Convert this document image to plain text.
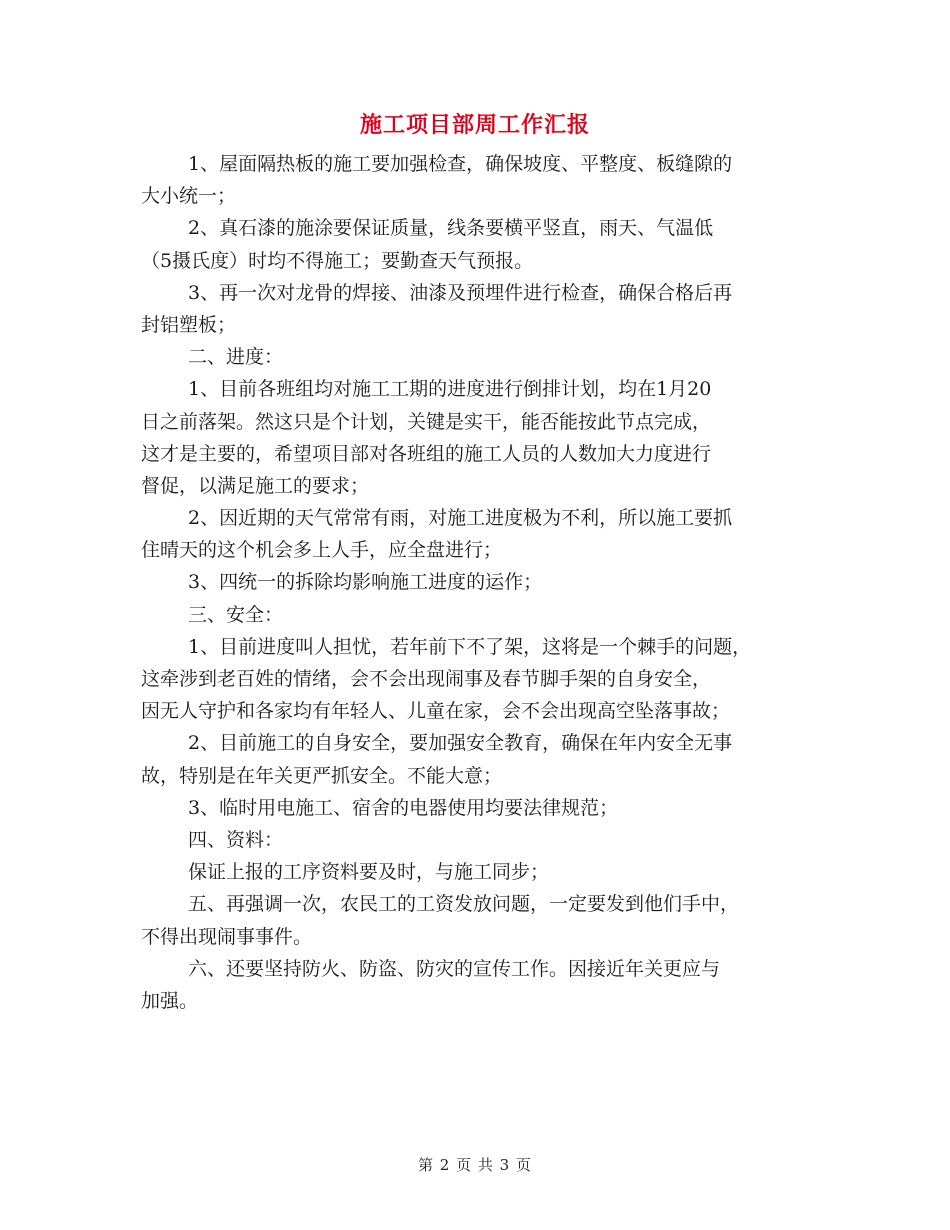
施工项目部周工作汇报
1、屋面隔热板的施工要加强检查，确保坡度、平整度、板缝隙的
大小统一；
2、真石漆的施涂要保证质量，线条要横平竖直，雨天、气温低
（5摄氏度）时均不得施工；要勤查天气预报。
3、再一次对龙骨的焊接、油漆及预埋件进行检查，确保合格后再
封铝塑板；
二、进度：
1、目前各班组均对施工工期的进度进行倒排计划，均在1月20
日之前落架。然这只是个计划，关键是实干，能否能按此节点完成，
这才是主要的，希望项目部对各班组的施工人员的人数加大力度进行
督促，以满足施工的要求；
2、因近期的天气常常有雨，对施工进度极为不利，所以施工要抓
住晴天的这个机会多上人手，应全盘进行；
3、四统一的拆除均影响施工进度的运作；
三、安全：
1、目前进度叫人担忧，若年前下不了架，这将是一个棘手的问题，
这牵涉到老百姓的情绪，会不会出现闹事及春节脚手架的自身安全，
因无人守护和各家均有年轻人、儿童在家，会不会出现高空坠落事故；
2、目前施工的自身安全，要加强安全教育，确保在年内安全无事
故，特别是在年关更严抓安全。不能大意；
3、临时用电施工、宿舍的电器使用均要法律规范；
四、资料：
保证上报的工序资料要及时，与施工同步；
五、再强调一次，农民工的工资发放问题，一定要发到他们手中，
不得出现闹事事件。
六、还要坚持防火、防盗、防灾的宣传工作。因接近年关更应与
加强。
第 2 页 共 3 页
